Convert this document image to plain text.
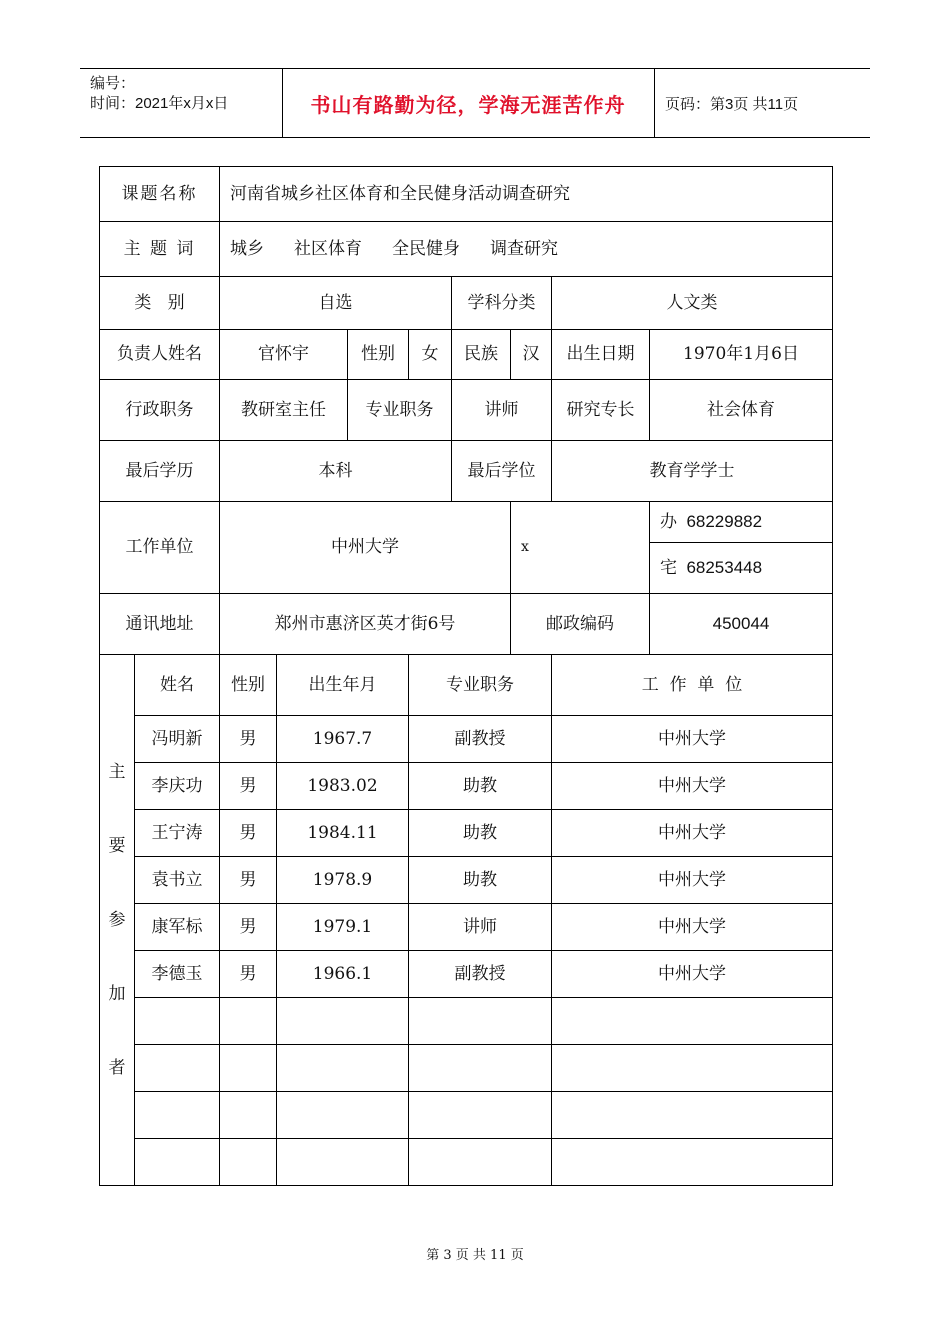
编号：
时间：2021年x月x日	书山有路勤为径，学海无涯苦作舟	页码：第3页 共11页
课题名称		河南省城乡社区体育和全民健身活动调查研究							
主 题 词		城乡 社区体育 全民健身 调查研究							
类   别		自选				学科分类		人文类	
负责人姓名		官怀宇		性别	女	民族	汉	出生日期	1970年1月6日
行政职务		教研室主任		专业职务		讲师		研究专长	社会体育
最后学历		本科				最后学位		教育学学士	
工作单位		中州大学					x		办  68229882
									宅  68253448
通讯地址		郑州市惠济区英才街6号					邮政编码		450044

主
要
参
加
者	姓名	性别	出生年月		专业职务			工  作  单  位	
	冯明新	男	1967.7		副教授			中州大学	
	李庆功	男	1983.02		助教			中州大学	
	王宁涛	男	1984.11		助教			中州大学	
	袁书立	男	1978.9		助教			中州大学	
	康军标	男	1979.1		讲师			中州大学	
	李德玉	男	1966.1		副教授			中州大学	

第 3 页 共 11 页
